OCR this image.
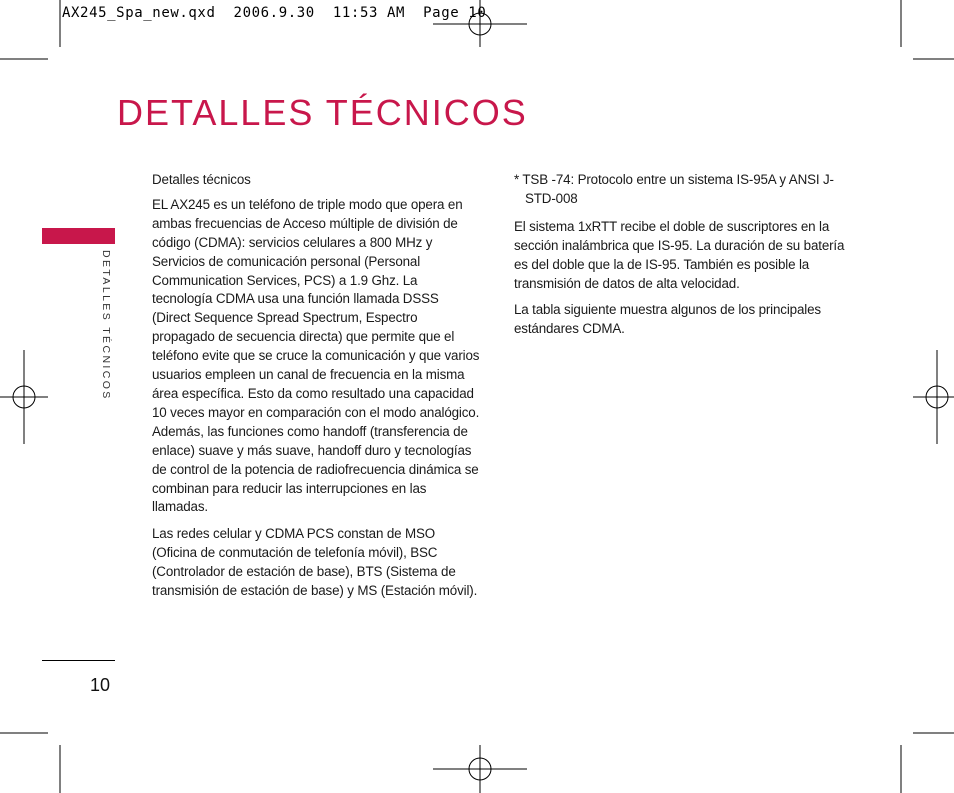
AX245_Spa_new.qxd  2006.9.30  11:53 AM  Page 10
DETALLES TÉCNICOS
DETALLES TÉCNICOS
10

Detalles técnicos

EL AX245 es un teléfono de triple modo que opera en ambas frecuencias de Acceso múltiple de división de código (CDMA): servicios celulares a 800 MHz y Servicios de comunicación personal (Personal Communication Services, PCS) a 1.9 Ghz. La tecnología CDMA usa una función llamada DSSS (Direct Sequence Spread Spectrum, Espectro propagado de secuencia directa) que permite que el teléfono evite que se cruce la comunicación y que varios usuarios empleen un canal de frecuencia en la misma área específica. Esto da como resultado una capacidad 10 veces mayor en comparación con el modo analógico. Además, las funciones como handoff (transferencia de enlace) suave y más suave, handoff duro y tecnologías de control de la potencia de radiofrecuencia dinámica se combinan para reducir las interrupciones en las llamadas.

Las redes celular y CDMA PCS constan de MSO (Oficina de conmutación de telefonía móvil), BSC (Controlador de estación de base), BTS (Sistema de transmisión de estación de base) y MS (Estación móvil).

* TSB -74: Protocolo entre un sistema IS-95A y ANSI J-STD-008

El sistema 1xRTT recibe el doble de suscriptores en la sección inalámbrica que IS-95. La duración de su batería es del doble que la de IS-95. También es posible la transmisión de datos de alta velocidad.

La tabla siguiente muestra algunos de los principales estándares CDMA.
